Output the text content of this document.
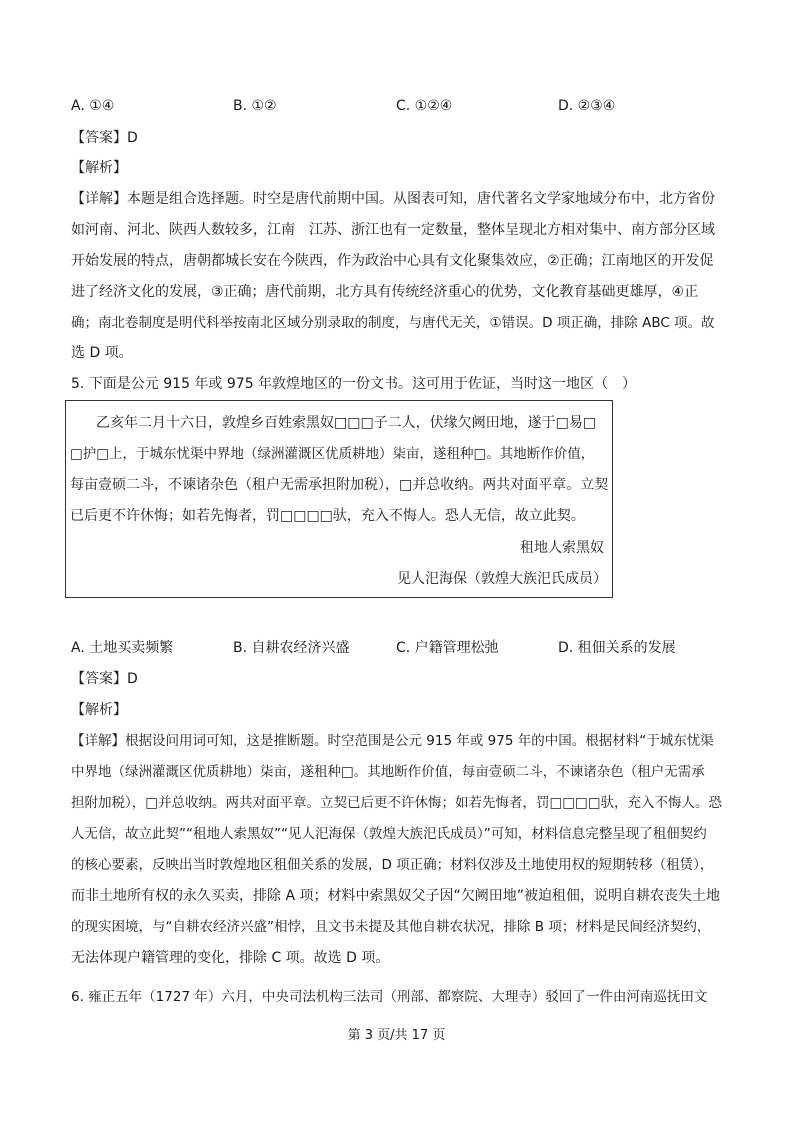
A. ①④	B. ①②	C. ①②④	D. ②③④
【答案】D
【解析】
【详解】本题是组合选择题。时空是唐代前期中国。从图表可知，唐代著名文学家地域分布中，北方省份
如河南、河北、陕西人数较多，江南　江苏、浙江也有一定数量，整体呈现北方相对集中、南方部分区域
开始发展的特点，唐朝都城长安在今陕西，作为政治中心具有文化聚集效应，②正确；江南地区的开发促
进了经济文化的发展，③正确；唐代前期，北方具有传统经济重心的优势，文化教育基础更雄厚，④正
确；南北卷制度是明代科举按南北区域分别录取的制度，与唐代无关，①错误。D 项正确，排除 ABC 项。故
选 D 项。
5. 下面是公元 915 年或 975 年敦煌地区的一份文书。这可用于佐证，当时这一地区（　）
乙亥年二月十六日，敦煌乡百姓索黑奴□□□子二人，伏缘欠阙田地，遂于□易□
□护□上，于城东忧渠中界地（绿洲灌溉区优质耕地）柒亩，遂租种□。其地断作价值，
每亩壹硕二斗，不谏诸杂色（租户无需承担附加税），□并总收纳。两共对面平章。立契
已后更不许休悔；如若先悔者，罚□□□□驮，充入不悔人。恐人无信，故立此契。
租地人索黑奴
见人汜海保（敦煌大族汜氏成员）
A. 土地买卖频繁	B. 自耕农经济兴盛	C. 户籍管理松弛	D. 租佃关系的发展
【答案】D
【解析】
【详解】根据设问用词可知，这是推断题。时空范围是公元 915 年或 975 年的中国。根据材料“于城东忧渠
中界地（绿洲灌溉区优质耕地）柒亩，遂租种□。其地断作价值，每亩壹硕二斗，不谏诸杂色（租户无需承
担附加税），□并总收纳。两共对面平章。立契已后更不许休悔；如若先悔者，罚□□□□驮，充入不悔人。恐
人无信，故立此契”“租地人索黑奴”“见人汜海保（敦煌大族汜氏成员）”可知，材料信息完整呈现了租佃契约
的核心要素，反映出当时敦煌地区租佃关系的发展，D 项正确；材料仅涉及土地使用权的短期转移（租赁），
而非土地所有权的永久买卖，排除 A 项；材料中索黑奴父子因“欠阙田地”被迫租佃，说明自耕农丧失土地
的现实困境，与“自耕农经济兴盛”相悖，且文书未提及其他自耕农状况，排除 B 项；材料是民间经济契约，
无法体现户籍管理的变化，排除 C 项。故选 D 项。
6. 雍正五年（1727 年）六月，中央司法机构三法司（刑部、都察院、大理寺）驳回了一件由河南巡抚田文
第 3 页/共 17 页
